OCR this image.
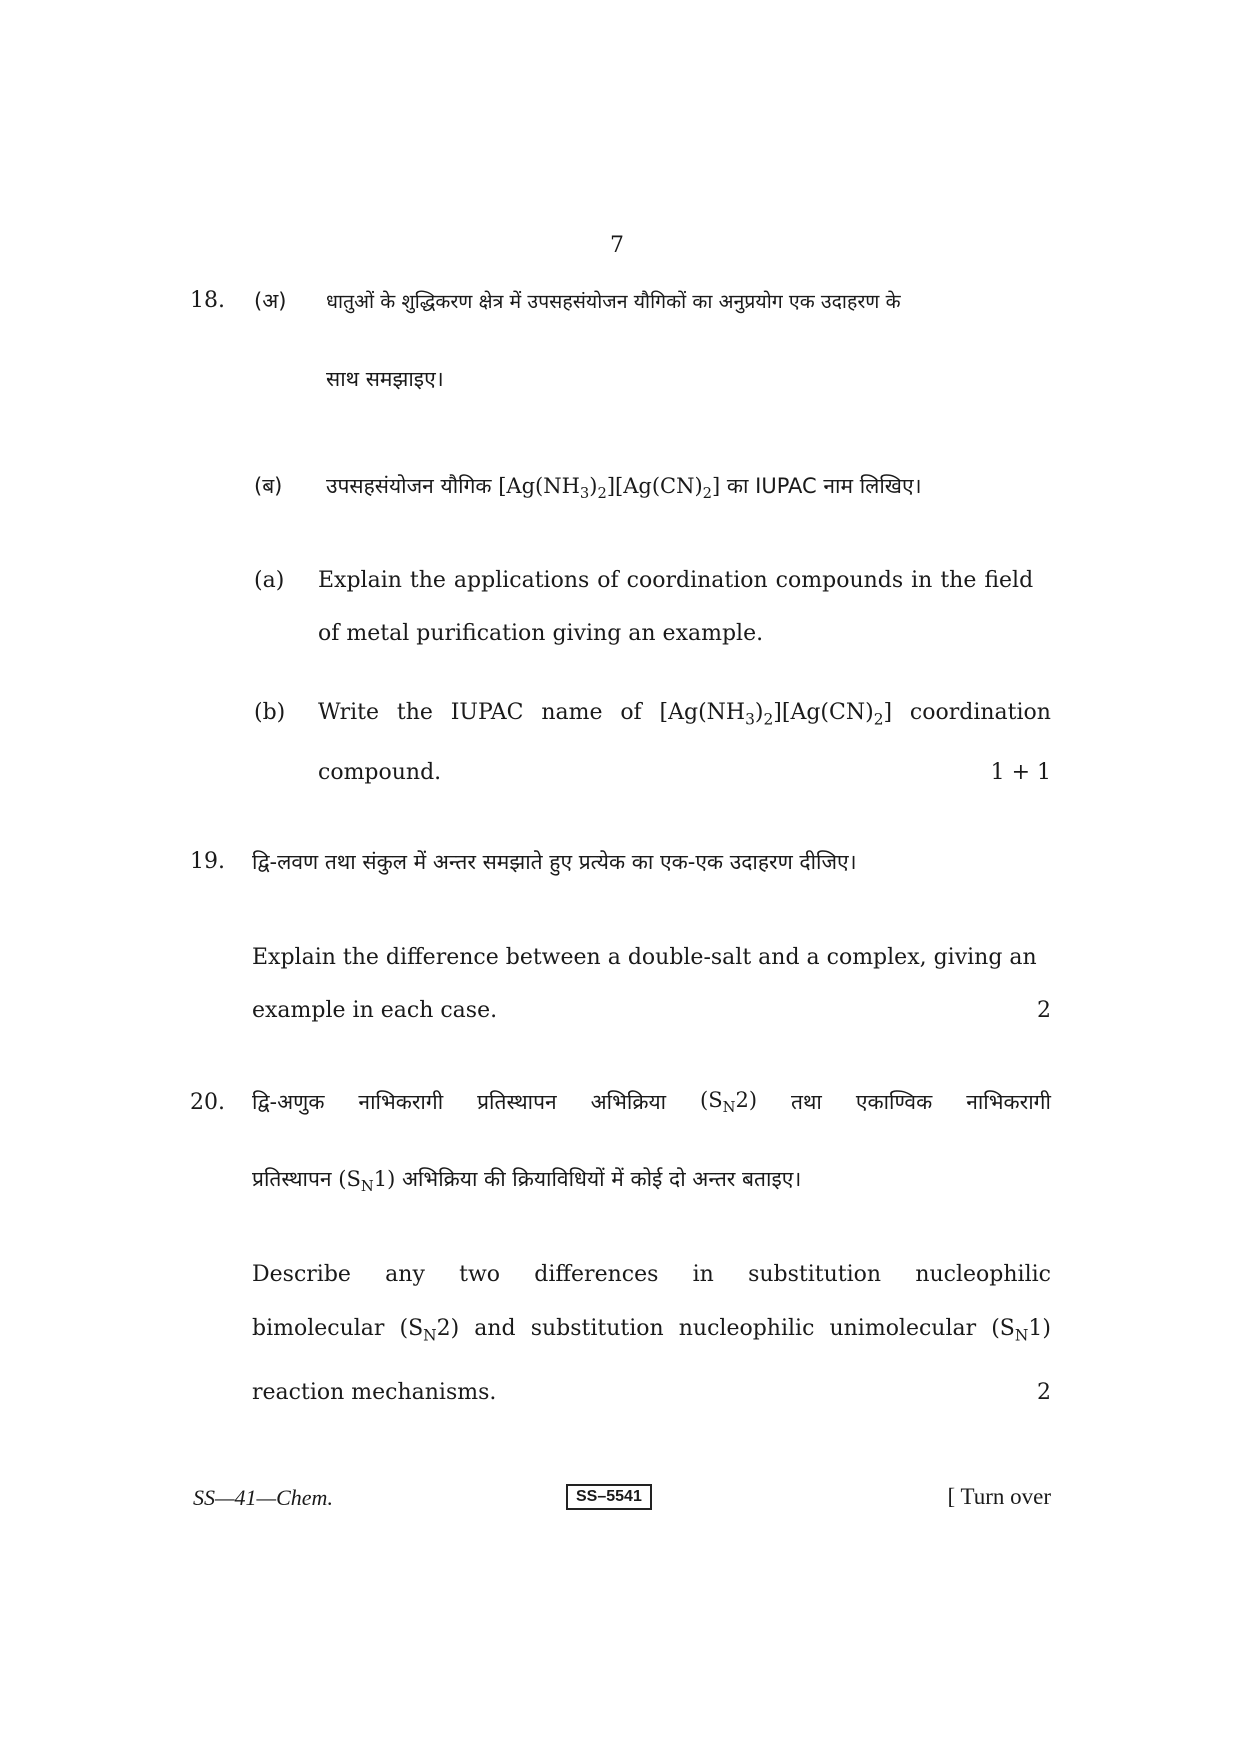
7
18. (अ) धातुओं के शुद्धिकरण क्षेत्र में उपसहसंयोजन यौगिकों का अनुप्रयोग एक उदाहरण के
साथ समझाइए।
(ब) उपसहसंयोजन यौगिक $[Ag(NH_3)_2][Ag(CN)_2]$ का IUPAC नाम लिखिए।
(a) Explain the applications of coordination compounds in the field
of metal purification giving an example.
(b) Write the IUPAC name of $[Ag(NH_3)_2][Ag(CN)_2]$ coordination
compound.	1 + 1
19. द्वि-लवण तथा संकुल में अन्तर समझाते हुए प्रत्येक का एक-एक उदाहरण दीजिए।
Explain the difference between a double-salt and a complex, giving an
example in each case.	2
20. द्वि-अणुक नाभिकरागी प्रतिस्थापन अभिक्रिया $(S_N2)$ तथा एकाण्विक नाभिकरागी
प्रतिस्थापन $(S_N1)$ अभिक्रिया की क्रियाविधियों में कोई दो अन्तर बताइए।
Describe any two differences in substitution nucleophilic
bimolecular $(S_N2)$ and substitution nucleophilic unimolecular $(S_N1)$
reaction mechanisms.	2
SS—41—Chem.	SS–5541	[ Turn over
